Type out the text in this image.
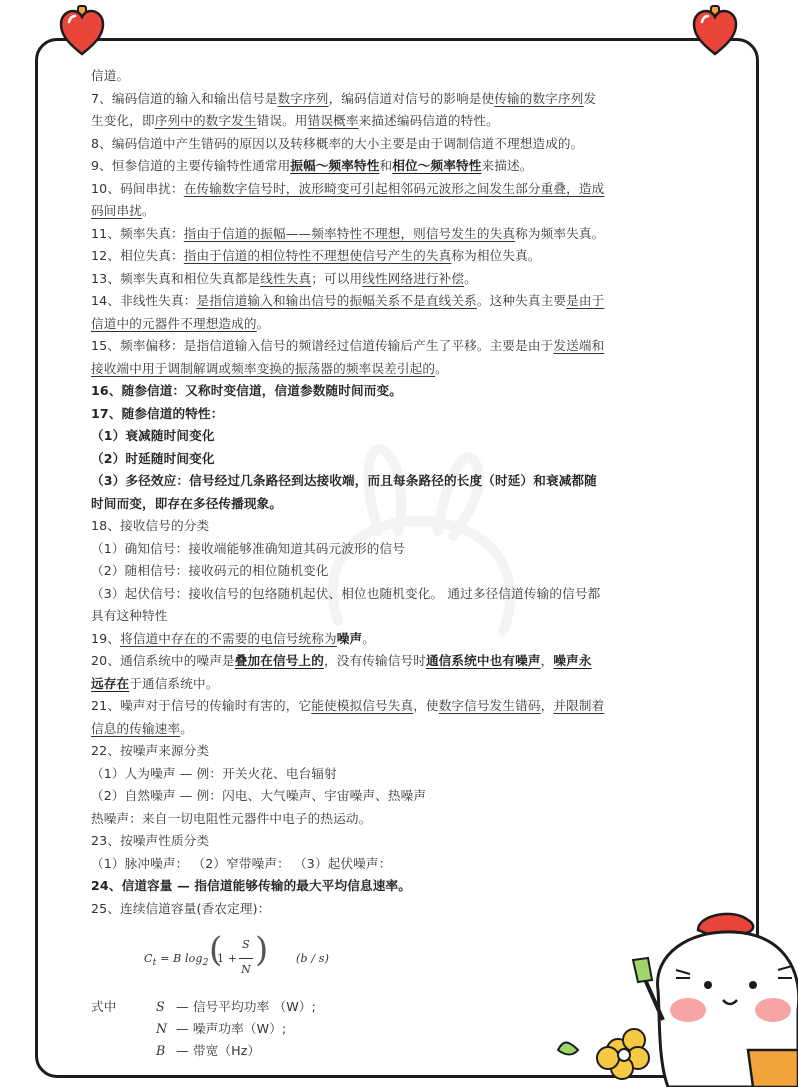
信道。
7、编码信道的输入和输出信号是数字序列，编码信道对信号的影响是使传输的数字序列发
生变化，即序列中的数字发生错误。用错误概率来描述编码信道的特性。
8、编码信道中产生错码的原因以及转移概率的大小主要是由于调制信道不理想造成的。
9、恒参信道的主要传输特性通常用振幅～频率特性和相位～频率特性来描述。
10、码间串扰：在传输数字信号时，波形畸变可引起相邻码元波形之间发生部分重叠，造成
码间串扰。
11、频率失真：指由于信道的振幅——频率特性不理想，则信号发生的失真称为频率失真。
12、相位失真：指由于信道的相位特性不理想使信号产生的失真称为相位失真。
13、频率失真和相位失真都是线性失真；可以用线性网络进行补偿。
14、非线性失真：是指信道输入和输出信号的振幅关系不是直线关系。这种失真主要是由于
信道中的元器件不理想造成的。
15、频率偏移：是指信道输入信号的频谱经过信道传输后产生了平移。主要是由于发送端和
接收端中用于调制解调或频率变换的振荡器的频率误差引起的。
16、随参信道：又称时变信道，信道参数随时间而变。
17、随参信道的特性：
（1）衰减随时间变化
（2）时延随时间变化
（3）多径效应：信号经过几条路径到达接收端，而且每条路径的长度（时延）和衰减都随
时间而变，即存在多径传播现象。
18、接收信号的分类
（1）确知信号：接收端能够准确知道其码元波形的信号
（2）随相信号：接收码元的相位随机变化
（3）起伏信号：接收信号的包络随机起伏、相位也随机变化。 通过多径信道传输的信号都
具有这种特性
19、将信道中存在的不需要的电信号统称为噪声。
20、通信系统中的噪声是叠加在信号上的，没有传输信号时通信系统中也有噪声，噪声永
远存在于通信系统中。
21、噪声对于信号的传输时有害的，它能使模拟信号失真，使数字信号发生错码，并限制着
信息的传输速率。
22、按噪声来源分类
（1）人为噪声 — 例：开关火花、电台辐射
（2）自然噪声 — 例：闪电、大气噪声、宇宙噪声、热噪声
热噪声：来自一切电阻性元器件中电子的热运动。
23、按噪声性质分类
（1）脉冲噪声： （2）窄带噪声： （3）起伏噪声：
24、信道容量 — 指信道能够传输的最大平均信息速率。
25、连续信道容量(香农定理)：
$C_t = B$ $\log_2$ (
$1 + \frac{S}{N}$ )	(b / s)
式中	S — 信号平均功率 （W）;
N — 噪声功率（W）;
B — 带宽（Hz）
